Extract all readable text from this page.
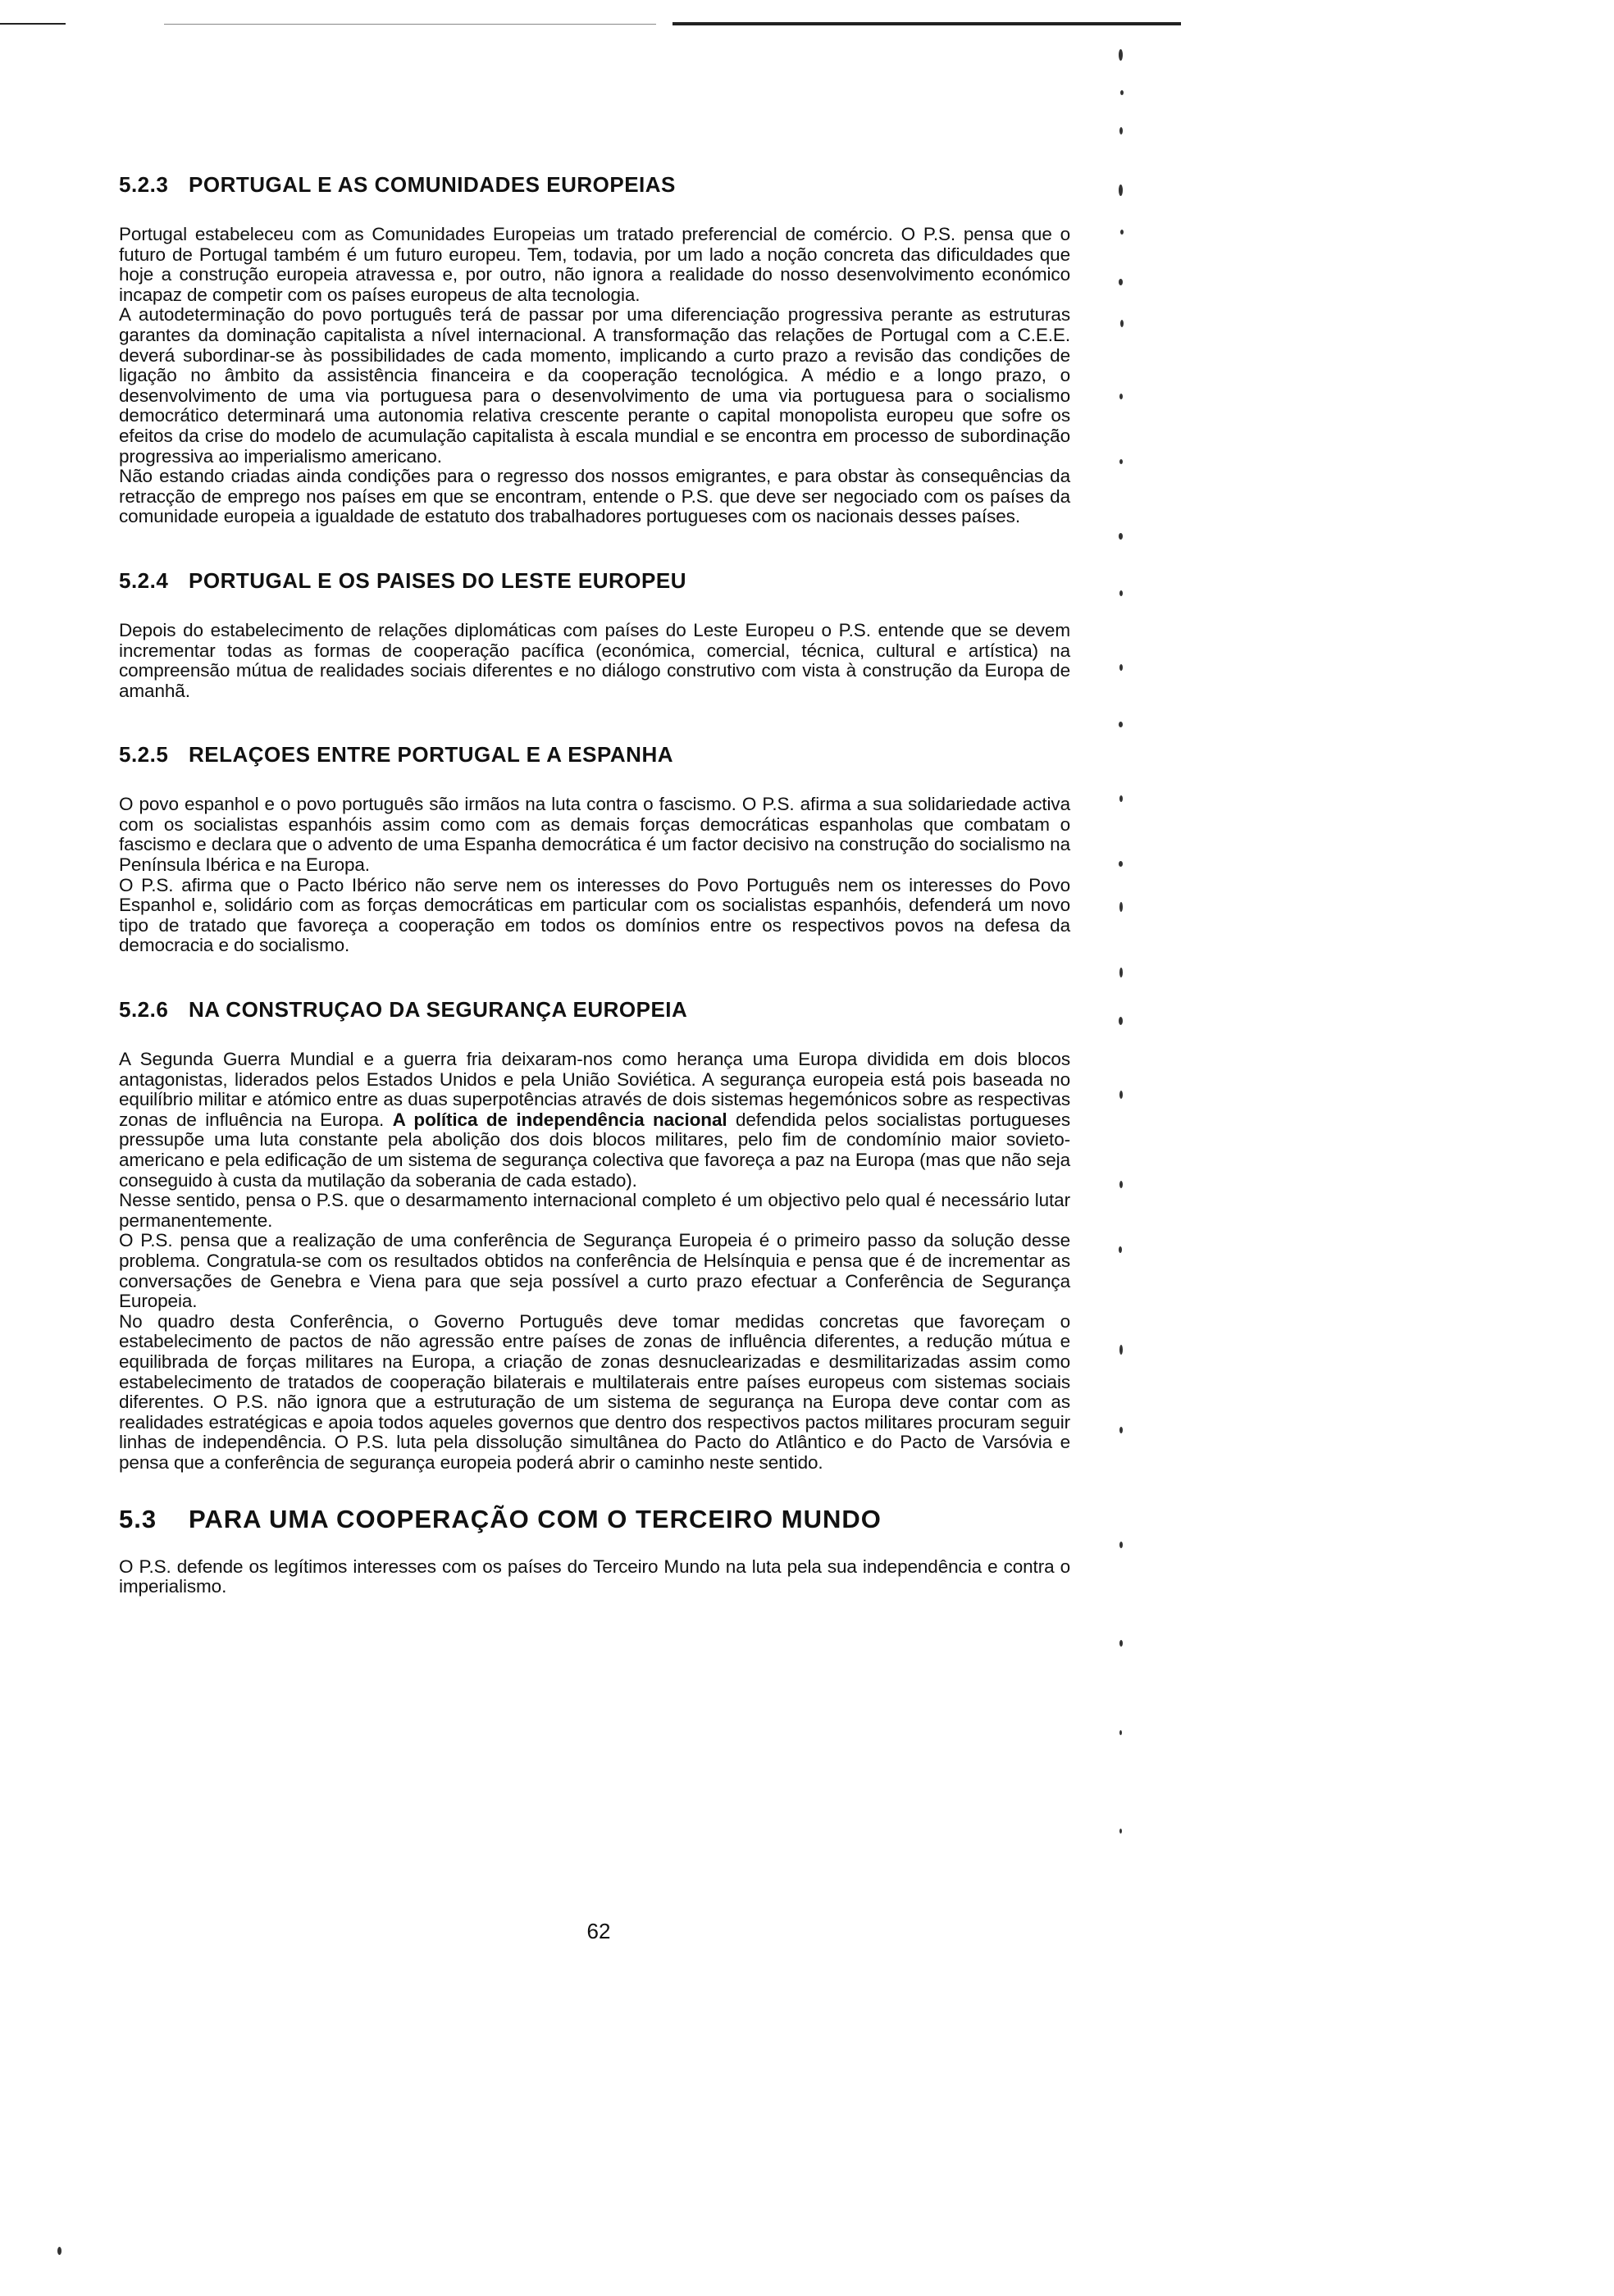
5.2.3 PORTUGAL E AS COMUNIDADES EUROPEIAS

Portugal estabeleceu com as Comunidades Europeias um tratado preferencial de comércio. O P.S. pensa que o futuro de Portugal também é um futuro europeu. Tem, todavia, por um lado a noção concreta das dificuldades que hoje a construção europeia atravessa e, por outro, não ignora a realidade do nosso desenvolvimento económico incapaz de competir com os países europeus de alta tecnologia.

A autodeterminação do povo português terá de passar por uma diferenciação progressiva perante as estruturas garantes da dominação capitalista a nível internacional. A transformação das relações de Portugal com a C.E.E. deverá subordinar-se às possibilidades de cada momento, implicando a curto prazo a revisão das condições de ligação no âmbito da assistência financeira e da cooperação tecnológica. A médio e a longo prazo, o desenvolvimento de uma via portuguesa para o desenvolvimento de uma via portuguesa para o socialismo democrático determinará uma autonomia relativa crescente perante o capital monopolista europeu que sofre os efeitos da crise do modelo de acumulação capitalista à escala mundial e se encontra em processo de subordinação progressiva ao imperialismo americano.

Não estando criadas ainda condições para o regresso dos nossos emigrantes, e para obstar às consequências da retracção de emprego nos países em que se encontram, entende o P.S. que deve ser negociado com os países da comunidade europeia a igualdade de estatuto dos trabalhadores portugueses com os nacionais desses países.

5.2.4 PORTUGAL E OS PAISES DO LESTE EUROPEU

Depois do estabelecimento de relações diplomáticas com países do Leste Europeu o P.S. entende que se devem incrementar todas as formas de cooperação pacífica (económica, comercial, técnica, cultural e artística) na compreensão mútua de realidades sociais diferentes e no diálogo construtivo com vista à construção da Europa de amanhã.

5.2.5 RELAÇOES ENTRE PORTUGAL E A ESPANHA

O povo espanhol e o povo português são irmãos na luta contra o fascismo. O P.S. afirma a sua solidariedade activa com os socialistas espanhóis assim como com as demais forças democráticas espanholas que combatam o fascismo e declara que o advento de uma Espanha democrática é um factor decisivo na construção do socialismo na Península Ibérica e na Europa.

O P.S. afirma que o Pacto Ibérico não serve nem os interesses do Povo Português nem os interesses do Povo Espanhol e, solidário com as forças democráticas em particular com os socialistas espanhóis, defenderá um novo tipo de tratado que favoreça a cooperação em todos os domínios entre os respectivos povos na defesa da democracia e do socialismo.

5.2.6 NA CONSTRUÇAO DA SEGURANÇA EUROPEIA

A Segunda Guerra Mundial e a guerra fria deixaram-nos como herança uma Europa dividida em dois blocos antagonistas, liderados pelos Estados Unidos e pela União Soviética. A segurança europeia está pois baseada no equilíbrio militar e atómico entre as duas superpotências através de dois sistemas hegemónicos sobre as respectivas zonas de influência na Europa. A política de independência nacional defendida pelos socialistas portugueses pressupõe uma luta constante pela abolição dos dois blocos militares, pelo fim de condomínio maior sovieto-americano e pela edificação de um sistema de segurança colectiva que favoreça a paz na Europa (mas que não seja conseguido à custa da mutilação da soberania de cada estado).

Nesse sentido, pensa o P.S. que o desarmamento internacional completo é um objectivo pelo qual é necessário lutar permanentemente.

O P.S. pensa que a realização de uma conferência de Segurança Europeia é o primeiro passo da solução desse problema. Congratula-se com os resultados obtidos na conferência de Helsínquia e pensa que é de incrementar as conversações de Genebra e Viena para que seja possível a curto prazo efectuar a Conferência de Segurança Europeia.

No quadro desta Conferência, o Governo Português deve tomar medidas concretas que favoreçam o estabelecimento de pactos de não agressão entre países de zonas de influência diferentes, a redução mútua e equilibrada de forças militares na Europa, a criação de zonas desnuclearizadas e desmilitarizadas assim como estabelecimento de tratados de cooperação bilaterais e multilaterais entre países europeus com sistemas sociais diferentes. O P.S. não ignora que a estruturação de um sistema de segurança na Europa deve contar com as realidades estratégicas e apoia todos aqueles governos que dentro dos respectivos pactos militares procuram seguir linhas de independência. O P.S. luta pela dissolução simultânea do Pacto do Atlântico e do Pacto de Varsóvia e pensa que a conferência de segurança europeia poderá abrir o caminho neste sentido.

5.3 PARA UMA COOPERAÇÃO COM O TERCEIRO MUNDO

O P.S. defende os legítimos interesses com os países do Terceiro Mundo na luta pela sua independência e contra o imperialismo.

62
